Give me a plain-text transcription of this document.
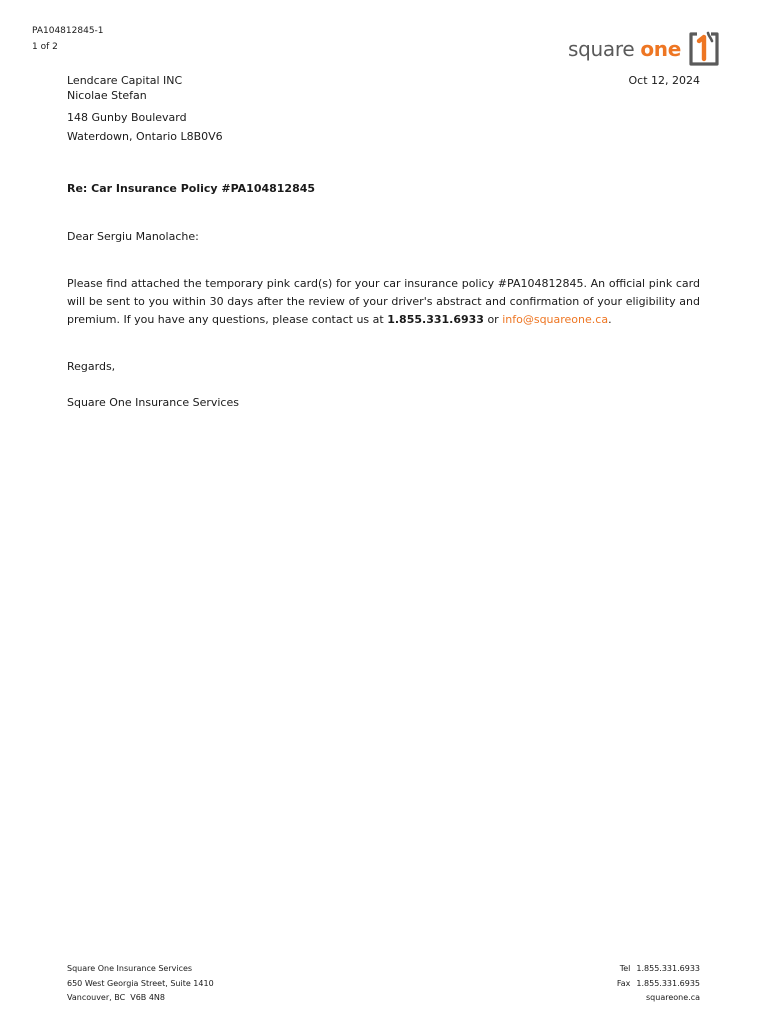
PA104812845-1
1 of 2	square one
Lendcare Capital INC
Nicolae Stefan
148 Gunby Boulevard
Waterdown, Ontario L8B0V6
Oct 12, 2024
Re: Car Insurance Policy #PA104812845
Dear Sergiu Manolache:
Please find attached the temporary pink card(s) for your car insurance policy #PA104812845. An official pink card will be sent to you within 30 days after the review of your driver's abstract and confirmation of your eligibility and premium. If you have any questions, please contact us at 1.855.331.6933 or info@squareone.ca.
Regards,
Square One Insurance Services
Square One Insurance Services
650 West Georgia Street, Suite 1410
Vancouver, BC  V6B 4N8
Tel 1.855.331.6933
Fax 1.855.331.6935
squareone.ca
